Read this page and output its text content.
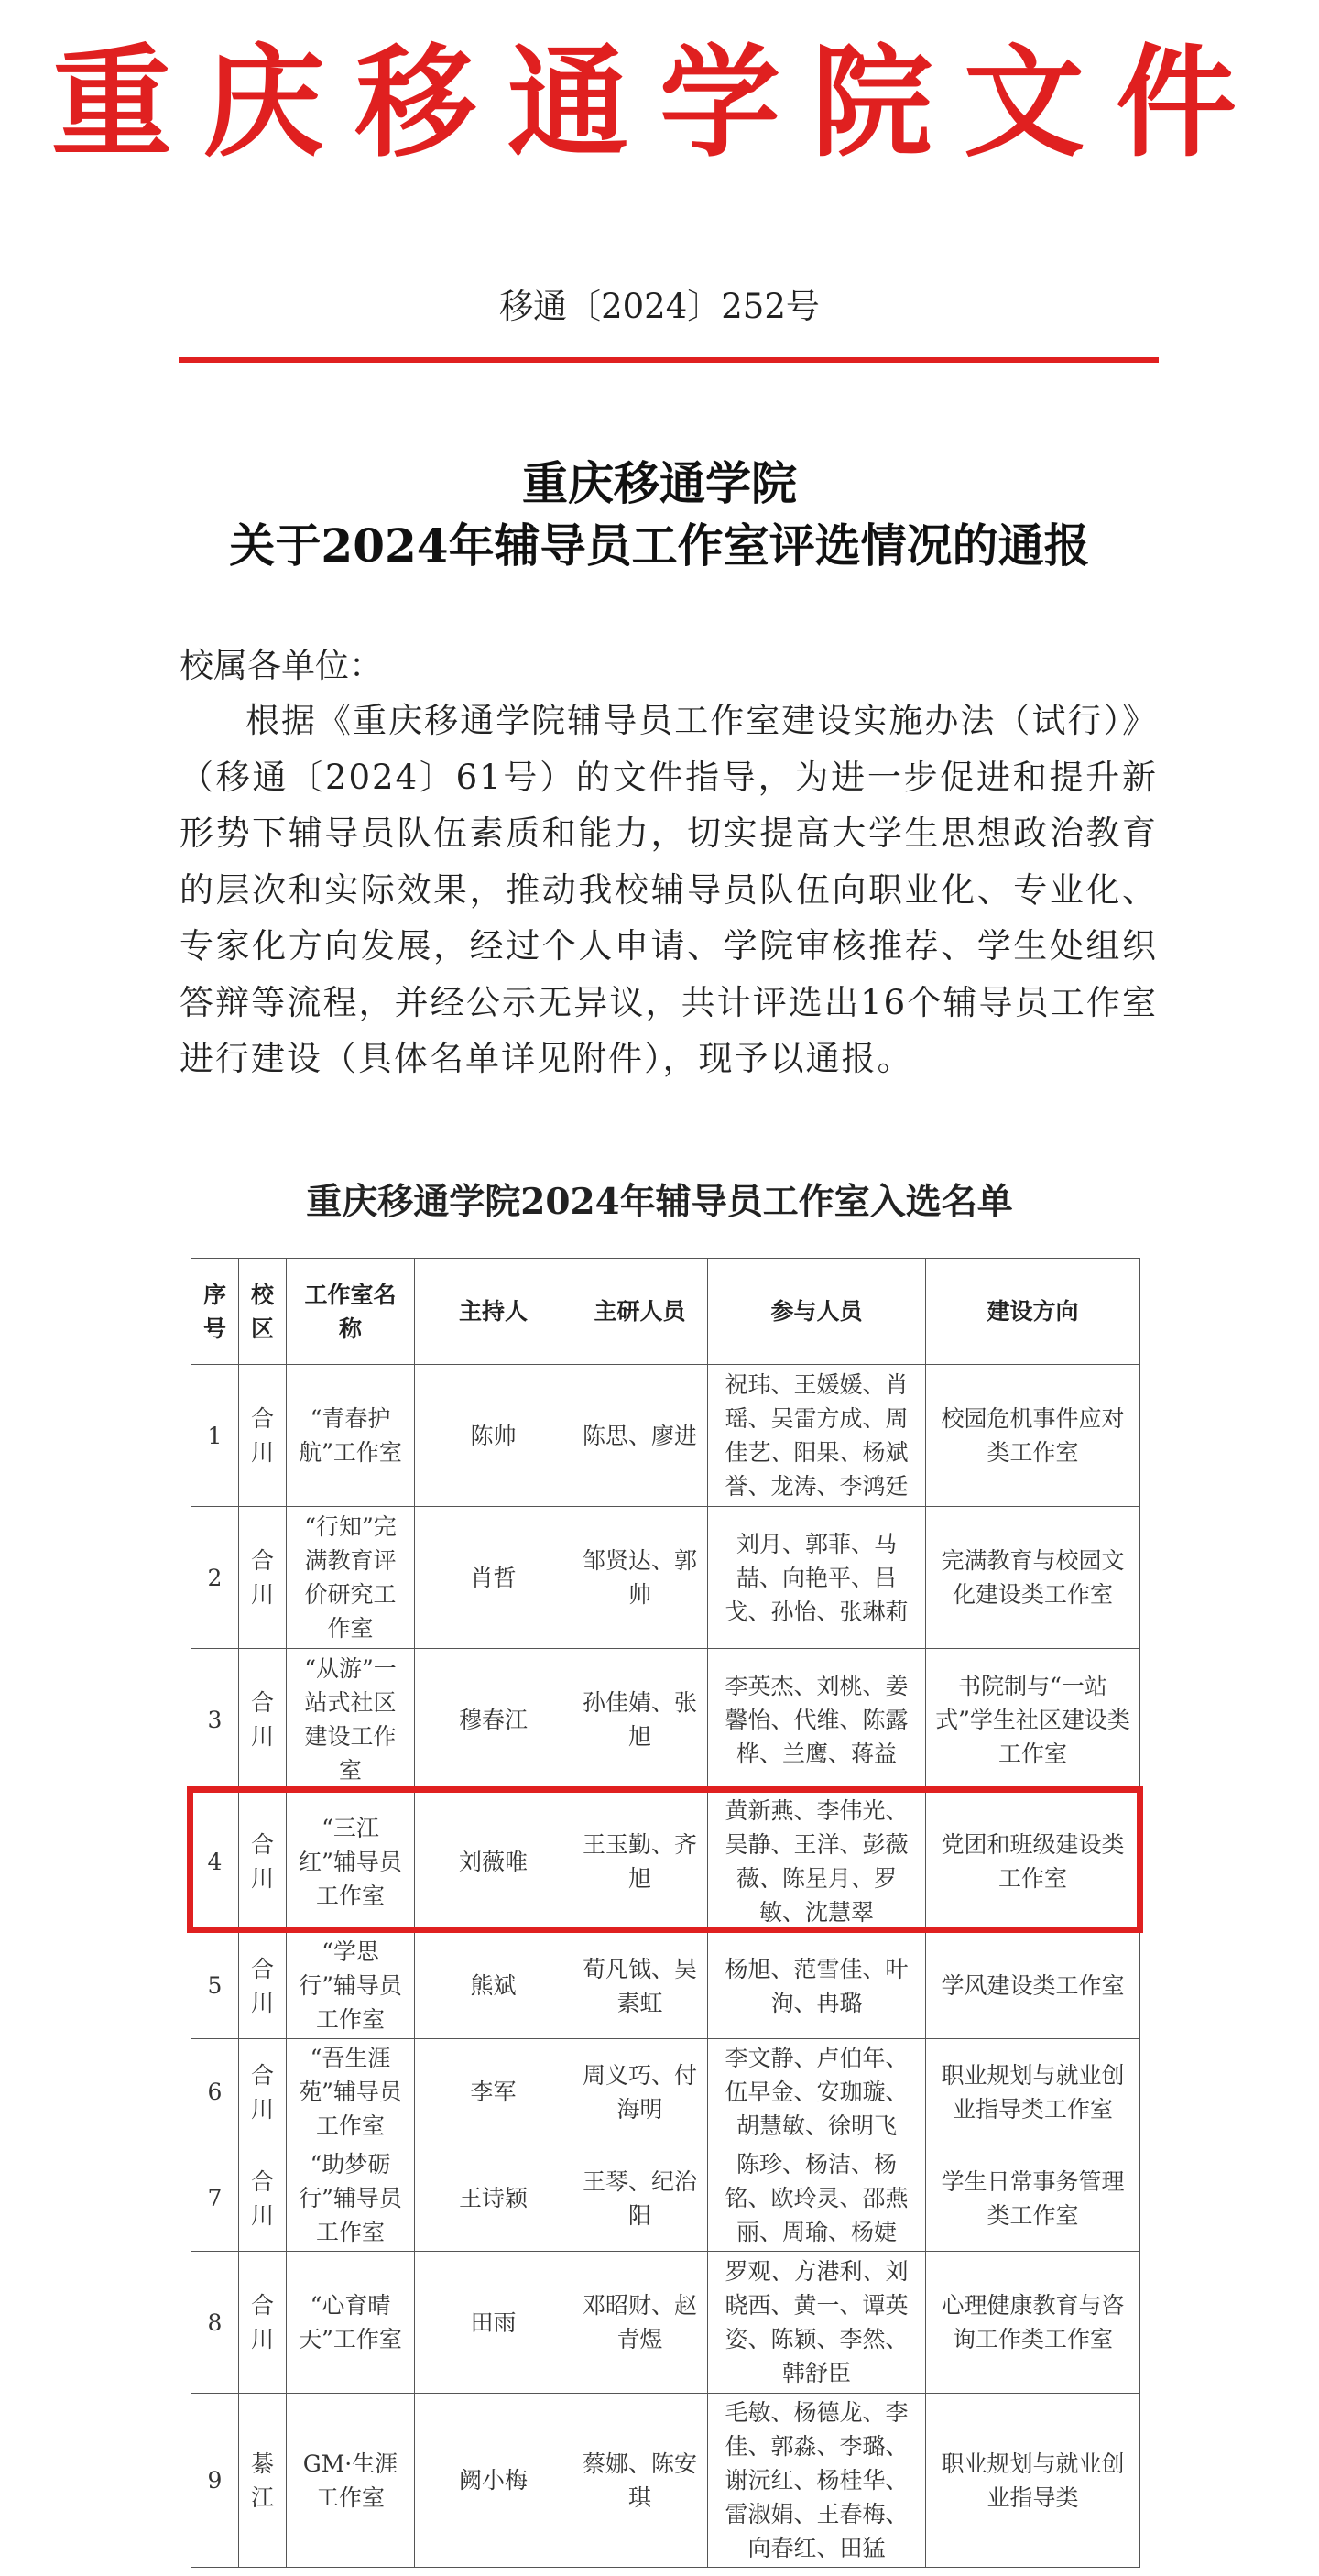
重庆移通学院文件
移通〔2024〕252号
重庆移通学院
关于2024年辅导员工作室评选情况的通报
校属各单位：
根据《重庆移通学院辅导员工作室建设实施办法（试行）》（移通〔2024〕61号）的文件指导，为进一步促进和提升新形势下辅导员队伍素质和能力，切实提高大学生思想政治教育的层次和实际效果，推动我校辅导员队伍向职业化、专业化、专家化方向发展，经过个人申请、学院审核推荐、学生处组织答辩等流程，并经公示无异议，共计评选出16个辅导员工作室进行建设（具体名单详见附件），现予以通报。
重庆移通学院2024年辅导员工作室入选名单
序号	校区	工作室名称	主持人	主研人员	参与人员	建设方向
1	合川	“青春护航”工作室	陈帅	陈思、廖进	祝玮、王媛媛、肖瑶、吴雷方成、周佳艺、阳果、杨斌誉、龙涛、李鸿廷	校园危机事件应对类工作室
2	合川	“行知”完满教育评价研究工作室	肖哲	邹贤达、郭帅	刘月、郭菲、马喆、向艳平、吕戈、孙怡、张琳莉	完满教育与校园文化建设类工作室
3	合川	“从游”一站式社区建设工作室	穆春江	孙佳婧、张旭	李英杰、刘桃、姜馨怡、代维、陈露桦、兰鹰、蒋益	书院制与“一站式”学生社区建设类工作室
4	合川	“三江红”辅导员工作室	刘薇唯	王玉勤、齐旭	黄新燕、李伟光、吴静、王洋、彭薇薇、陈星月、罗敏、沈慧翠	党团和班级建设类工作室
5	合川	“学思行”辅导员工作室	熊斌	荀凡钺、吴素虹	杨旭、范雪佳、叶洵、冉璐	学风建设类工作室
6	合川	“吾生涯苑”辅导员工作室	李军	周义巧、付海明	李文静、卢伯年、伍早金、安珈璇、胡慧敏、徐明飞	职业规划与就业创业指导类工作室
7	合川	“助梦砺行”辅导员工作室	王诗颖	王琴、纪治阳	陈珍、杨洁、杨铭、欧玲灵、邵燕丽、周瑜、杨婕	学生日常事务管理类工作室
8	合川	“心育晴天”工作室	田雨	邓昭财、赵青煜	罗观、方港利、刘晓西、黄一、谭英姿、陈颖、李然、韩舒臣	心理健康教育与咨询工作类工作室
9	綦江	GM·生涯工作室	阙小梅	蔡娜、陈安琪	毛敏、杨德龙、李佳、郭淼、李璐、谢沅红、杨桂华、雷淑娟、王春梅、向春红、田猛	职业规划与就业创业指导类
